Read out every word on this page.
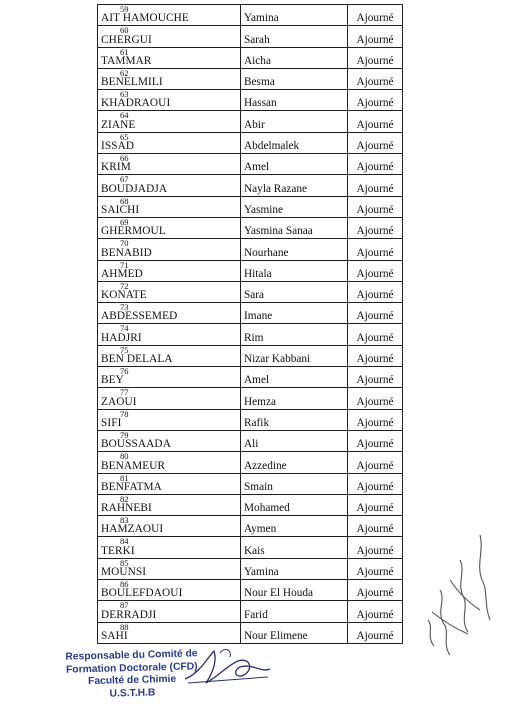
59
AIT HAMOUCHE	Yamina	Ajourné

60
CHERGUI	Sarah	Ajourné

61
TAMMAR	Aicha	Ajourné

62
BENELMILI	Besma	Ajourné

63
KHADRAOUI	Hassan	Ajourné

64
ZIANE	Abir	Ajourné

65
ISSAD	Abdelmalek	Ajourné

66
KRIM	Amel	Ajourné

67
BOUDJADJA	Nayla Razane	Ajourné

68
SAICHI	Yasmine	Ajourné

69
GHERMOUL	Yasmina Sanaa	Ajourné

70
BENABID	Nourhane	Ajourné

71
AHMED	Hitala	Ajourné

72
KONATE	Sara	Ajourné

73
ABDESSEMED	Imane	Ajourné

74
HADJRI	Rim	Ajourné

75
BEN DELALA	Nizar Kabbani	Ajourné

76
BEY	Amel	Ajourné

77
ZAOUI	Hemza	Ajourné

78
SIFI	Rafik	Ajourné

79
BOUSSAADA	Ali	Ajourné

80
BENAMEUR	Azzedine	Ajourné

81
BENFATMA	Smain	Ajourné

82
RAHNEBI	Mohamed	Ajourné

83
HAMZAOUI	Aymen	Ajourné

84
TERKI	Kais	Ajourné

85
MOUNSI	Yamina	Ajourné

86
BOULEFDAOUI	Nour El Houda	Ajourné

87
DERRADJI	Farid	Ajourné

88
SAHI	Nour Elimene	Ajourné
Responsable du Comité de
Formation Doctorale (CFD)
Faculté de Chimie
U.S.T.H.B
